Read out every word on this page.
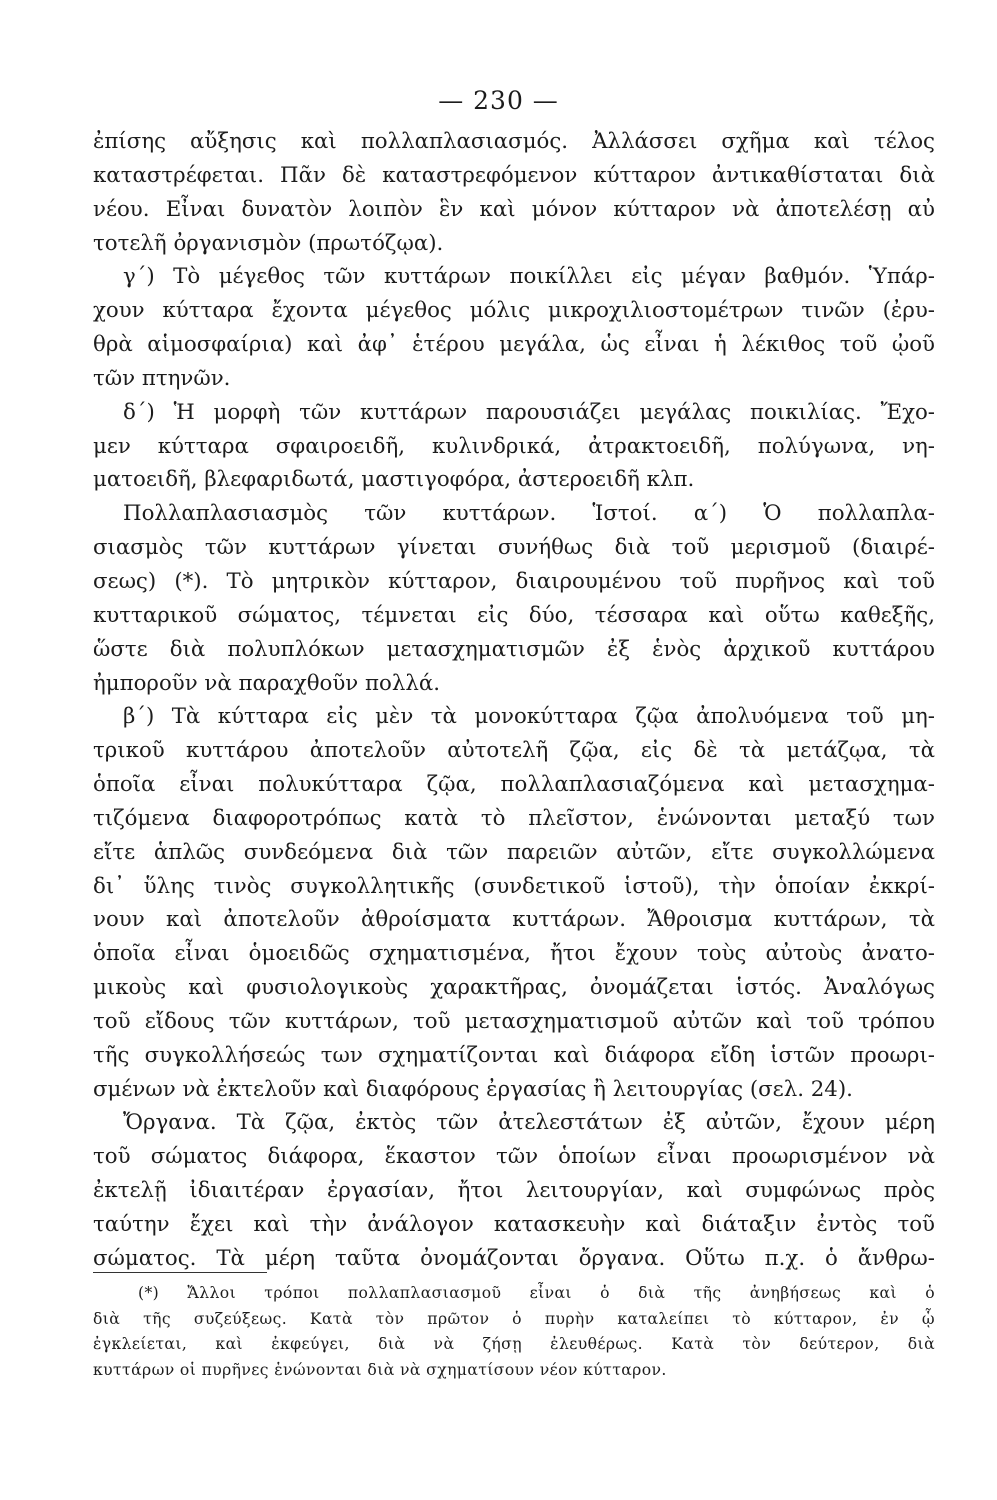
— 230 —
ἐπίσης αὔξησις καὶ πολλαπλασιασμός. Ἀλλάσσει σχῆμα καὶ τέλος
καταστρέφεται. Πᾶν δὲ καταστρεφόμενον κύτταρον ἀντικαθίσταται διὰ
νέου. Εἶναι δυνατὸν λοιπὸν ἓν καὶ μόνον κύτταρον νὰ ἀποτελέσῃ αὐ
τοτελῆ ὀργανισμὸν (πρωτόζῳα).
γ΄) Τὸ μέγεθος τῶν κυττάρων ποικίλλει εἰς μέγαν βαθμόν. Ὑπάρ-
χουν κύτταρα ἔχοντα μέγεθος μόλις μικροχιλιοστομέτρων τινῶν (ἐρυ-
θρὰ αἱμοσφαίρια) καὶ ἀφ᾽ ἑτέρου μεγάλα, ὡς εἶναι ἡ λέκιθος τοῦ ᾠοῦ
τῶν πτηνῶν.
δ΄) Ἡ μορφὴ τῶν κυττάρων παρουσιάζει μεγάλας ποικιλίας. Ἔχο-
μεν κύτταρα σφαιροειδῆ, κυλινδρικά, ἀτρακτοειδῆ, πολύγωνα, νη-
ματοειδῆ, βλεφαριδωτά, μαστιγοφόρα, ἀστεροειδῆ κλπ.
Πολλαπλασιασμὸς τῶν κυττάρων. Ἱστοί. α΄) Ὁ πολλαπλα-
σιασμὸς τῶν κυττάρων γίνεται συνήθως διὰ τοῦ μερισμοῦ (διαιρέ-
σεως) (*). Τὸ μητρικὸν κύτταρον, διαιρουμένου τοῦ πυρῆνος καὶ τοῦ
κυτταρικοῦ σώματος, τέμνεται εἰς δύο, τέσσαρα καὶ οὕτω καθεξῆς,
ὥστε διὰ πολυπλόκων μετασχηματισμῶν ἐξ ἑνὸς ἀρχικοῦ κυττάρου
ἠμποροῦν νὰ παραχθοῦν πολλά.
β΄) Τὰ κύτταρα εἰς μὲν τὰ μονοκύτταρα ζῷα ἀπολυόμενα τοῦ μη-
τρικοῦ κυττάρου ἀποτελοῦν αὐτοτελῆ ζῷα, εἰς δὲ τὰ μετάζῳα, τὰ
ὁποῖα εἶναι πολυκύτταρα ζῷα, πολλαπλασιαζόμενα καὶ μετασχημα-
τιζόμενα διαφοροτρόπως κατὰ τὸ πλεῖστον, ἑνώνονται μεταξύ των
εἴτε ἁπλῶς συνδεόμενα διὰ τῶν παρειῶν αὐτῶν, εἴτε συγκολλώμενα
δι᾽ ὕλης τινὸς συγκολλητικῆς (συνδετικοῦ ἱστοῦ), τὴν ὁποίαν ἐκκρί-
νουν καὶ ἀποτελοῦν ἀθροίσματα κυττάρων. Ἄθροισμα κυττάρων, τὰ
ὁποῖα εἶναι ὁμοειδῶς σχηματισμένα, ἤτοι ἔχουν τοὺς αὐτοὺς ἀνατο-
μικοὺς καὶ φυσιολογικοὺς χαρακτῆρας, ὀνομάζεται ἱστός. Ἀναλόγως
τοῦ εἴδους τῶν κυττάρων, τοῦ μετασχηματισμοῦ αὐτῶν καὶ τοῦ τρόπου
τῆς συγκολλήσεώς των σχηματίζονται καὶ διάφορα εἴδη ἱστῶν προωρι-
σμένων νὰ ἐκτελοῦν καὶ διαφόρους ἐργασίας ἢ λειτουργίας (σελ. 24).
Ὄργανα. Τὰ ζῷα, ἐκτὸς τῶν ἀτελεστάτων ἐξ αὐτῶν, ἔχουν μέρη
τοῦ σώματος διάφορα, ἕκαστον τῶν ὁποίων εἶναι προωρισμένον νὰ
ἐκτελῇ ἰδιαιτέραν ἐργασίαν, ἤτοι λειτουργίαν, καὶ συμφώνως πρὸς
ταύτην ἔχει καὶ τὴν ἀνάλογον κατασκευὴν καὶ διάταξιν ἐντὸς τοῦ
σώματος. Τὰ μέρη ταῦτα ὀνομάζονται ὄργανα. Οὕτω π.χ. ὁ ἄνθρω-
(*) Ἄλλοι τρόποι πολλαπλασιασμοῦ εἶναι ὁ διὰ τῆς ἀνηβήσεως καὶ ὁ
διὰ τῆς συζεύξεως. Κατὰ τὸν πρῶτον ὁ πυρὴν καταλείπει τὸ κύτταρον, ἐν ᾧ
ἐγκλείεται, καὶ ἐκφεύγει, διὰ νὰ ζήσῃ ἐλευθέρως. Κατὰ τὸν δεύτερον, διὰ
κυττάρων οἱ πυρῆνες ἑνώνονται διὰ νὰ σχηματίσουν νέον κύτταρον.
